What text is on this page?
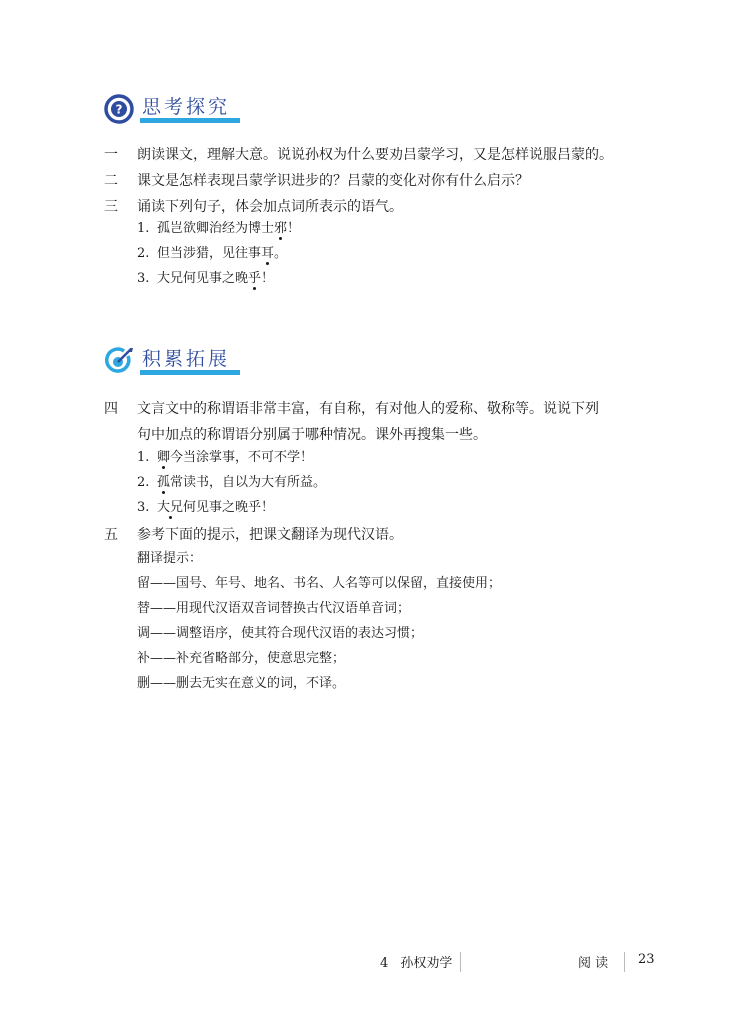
? 思考探究
一	朗读课文，理解大意。说说孙权为什么要劝吕蒙学习，又是怎样说服吕蒙的。
二	课文是怎样表现吕蒙学识进步的？吕蒙的变化对你有什么启示？
三	诵读下列句子，体会加点词所表示的语气。
1. 孤岂欲卿治经为博士邪！
2. 但当涉猎，见往事耳。
3. 大兄何见事之晚乎！
积累拓展
四	文言文中的称谓语非常丰富，有自称，有对他人的爱称、敬称等。说说下列
句中加点的称谓语分别属于哪种情况。课外再搜集一些。
1. 卿今当涂掌事，不可不学！
2. 孤常读书，自以为大有所益。
3. 大兄何见事之晚乎！
五	参考下面的提示，把课文翻译为现代汉语。
翻译提示：
留——国号、年号、地名、书名、人名等可以保留，直接使用；
替——用现代汉语双音词替换古代汉语单音词；
调——调整语序，使其符合现代汉语的表达习惯；
补——补充省略部分，使意思完整；
删——删去无实在意义的词，不译。
4 孙权劝学	阅 读 23
